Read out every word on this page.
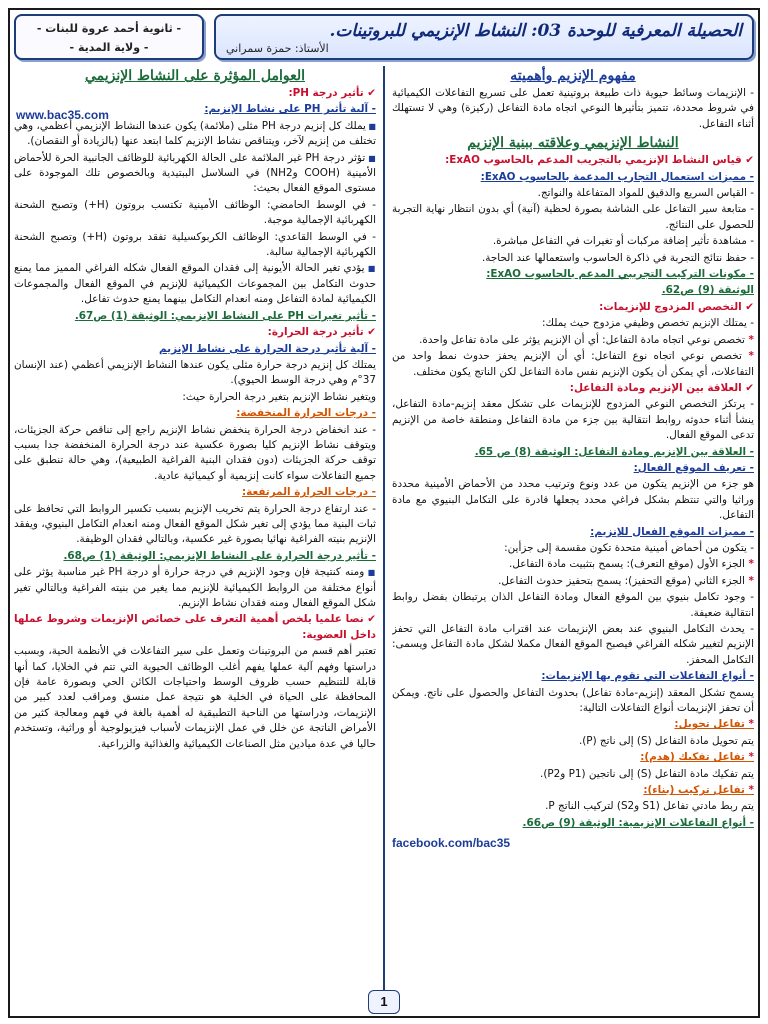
الحصيلة المعرفية للوحدة 03: النشاط الإنزيمي للبروتينات.
الأستاذ: حمزة سمراني
- ثانوية أحمد عروة للبنات -
- ولاية المدية -
مفهوم الإنزيم وأهميته
- الإنزيمات وسائط حيوية ذات طبيعة بروتينية تعمل على تسريع التفاعلات الكيميائية في شروط محددة، تتميز بتأثيرها النوعي اتجاه مادة التفاعل (ركيزة) وهي لا تستهلك أثناء التفاعل.
النشاط الإنزيمي وعلاقته ببنية الإنزيم
✔ قياس النشاط الإنزيمي بالتجريب المدعم بالحاسوب ExAO:
- مميزات استعمال التجارب المدعمة بالحاسوب ExAO:
- القياس السريع والدقيق للمواد المتفاعلة والنواتج.
- متابعة سير التفاعل على الشاشة بصورة لحظية (آنية) أي بدون انتظار نهاية التجربة للحصول على النتائج.
- مشاهدة تأثير إضافة مركبات أو تغيرات في التفاعل مباشرة.
- حفظ نتائج التجربة في ذاكرة الحاسوب واستعمالها عند الحاجة.
- مكونات التركيب التجريبي المدعم بالحاسوب ExAO:
الوثيقة (9) ص62.
✔ التخصص المزدوج للإنزيمات:
- يمتلك الإنزيم تخصص وظيفي مزدوج حيث يملك:
* تخصص نوعي اتجاه مادة التفاعل: أي أن الإنزيم يؤثر على مادة تفاعل واحدة.
* تخصص نوعي اتجاه نوع التفاعل: أي أن الإنزيم يحفز حدوث نمط واحد من التفاعلات، أي يمكن أن يكون الإنزيم نفس مادة التفاعل لكن الناتج يكون مختلف.
✔ العلاقة بين الإنزيم ومادة التفاعل:
- يرتكز التخصص النوعي المزدوج للإنزيمات على تشكل معقد إنزيم-مادة التفاعل، ينشأ أثناء حدوثه روابط انتقالية بين جزء من مادة التفاعل ومنطقة خاصة من الإنزيم تدعى الموقع الفعال.
- العلاقة بين الإنزيم ومادة التفاعل: الوثيقة (8) ص 65.
- تعريف الموقع الفعال:
هو جزء من الإنزيم يتكون من عدد ونوع وترتيب محدد من الأحماض الأمينية محددة وراثيا والتي تنتظم بشكل فراغي محدد يجعلها قادرة على التكامل البنيوي مع مادة التفاعل.
- مميزات الموقع الفعال للإنزيم:
- يتكون من أحماض أمينية متحدة تكون مقسمة إلى جزأين:
* الجزء الأول (موقع التعرف): يسمح بتثبيت مادة التفاعل.
* الجزء الثاني (موقع التحفيز): يسمح بتحفيز حدوث التفاعل.
- وجود تكامل بنيوي بين الموقع الفعال ومادة التفاعل الذان يرتبطان بفضل روابط انتقالية ضعيفة.
- يحدث التكامل البنيوي عند بعض الإنزيمات عند اقتراب مادة التفاعل التي تحفز الإنزيم لتغيير شكله الفراغي فيصبح الموقع الفعال مكملا لشكل مادة التفاعل ويسمى: التكامل المحفز.
- أنواع التفاعلات التي تقوم بها الإنزيمات:
يسمح تشكل المعقد (إنزيم-مادة تفاعل) بحدوث التفاعل والحصول على ناتج. ويمكن أن تحفز الإنزيمات أنواع التفاعلات التالية:
* تفاعل تحويل:
يتم تحويل مادة التفاعل (S) إلى ناتج (P).
* تفاعل تفكيك (هدم):
يتم تفكيك مادة التفاعل (S) إلى ناتجين (P1 وP2).
* تفاعل تركيب (بناء):
يتم ربط مادتي تفاعل (S1 وS2) لتركيب الناتج P.
- أنواع التفاعلات الإنزيمية: الوثيقة (9) ص66.
العوامل المؤثرة على النشاط الإنزيمي
✔ تأثير درجة PH:
- آلية تأثير PH على نشاط الإنزيم:
■ يملك كل إنزيم درجة PH مثلى (ملائمة) يكون عندها النشاط الإنزيمي أعظمي، وهي تختلف من إنزيم لآخر، ويتناقص نشاط الإنزيم كلما ابتعد عنها (بالزيادة أو النقصان).
■ تؤثر درجة PH غير الملائمة على الحالة الكهربائية للوظائف الجانبية الحرة للأحماض الأمينية (COOH وNH2) في السلاسل الببتيدية وبالخصوص تلك الموجودة على مستوى الموقع الفعال بحيث:
- في الوسط الحامضي: الوظائف الأمينية تكتسب بروتون (H+) وتصبح الشحنة الكهربائية الإجمالية موجبة.
- في الوسط القاعدي: الوظائف الكربوكسيلية تفقد بروتون (H+) وتصبح الشحنة الكهربائية الإجمالية سالبة.
■ يؤدي تغير الحالة الأيونية إلى فقدان الموقع الفعال شكله الفراغي المميز مما يمنع حدوث التكامل بين المجموعات الكيميائية للإنزيم في الموقع الفعال والمجموعات الكيميائية لمادة التفاعل ومنه انعدام التكامل بينهما يمنع حدوث تفاعل.
- تأثير تغيرات PH على النشاط الإنزيمي: الوثيقة (1) ص67.
✔ تأثير درجة الحرارة:
- آلية تأثير درجة الحرارة على نشاط الإنزيم
يمتلك كل إنزيم درجة حرارة مثلى يكون عندها النشاط الإنزيمي أعظمي (عند الإنسان 37°م وهي درجة الوسط الحيوي).
ويتغير نشاط الإنزيم بتغير درجة الحرارة حيث:
- درجات الحرارة المنخفضة:
- عند انخفاض درجة الحرارة ينخفض نشاط الإنزيم راجع إلى تناقص حركة الجزيئات، ويتوقف نشاط الإنزيم كليا بصورة عكسية عند درجة الحرارة المنخفضة جدا بسبب توقف حركة الجزيئات (دون فقدان البنية الفراغية الطبيعية)، وهي حالة تنطبق على جميع التفاعلات سواء كانت إنزيمية أو كيميائية عادية.
- درجات الحرارة المرتفعة:
- عند ارتفاع درجة الحرارة يتم تخريب الإنزيم بسبب تكسير الروابط التي تحافظ على ثبات البنية مما يؤدي إلى تغير شكل الموقع الفعال ومنه انعدام التكامل البنيوي، ويفقد الإنزيم بنيته الفراغية نهائيا بصورة غير عكسية، وبالتالي فقدان الوظيفة.
- تأثير درجة الحرارة على النشاط الإنزيمي: الوثيقة (1) ص68.
■ ومنه كنتيجة فإن وجود الإنزيم في درجة حرارة أو درجة PH غير مناسبة يؤثر على أنواع مختلفة من الروابط الكيميائية للإنزيم مما يغير من بنيته الفراغية وبالتالي تغير شكل الموقع الفعال ومنه فقدان نشاط الإنزيم.
✔ نصا علميا يلخص أهمية التعرف على خصائص الإنزيمات وشروط عملها داخل العضوية:
تعتبر أهم قسم من البروتينات وتعمل على سير التفاعلات في الأنظمة الحية، وبسبب دراستها وفهم آلية عملها يفهم أغلب الوظائف الحيوية التي تتم في الخلايا، كما أنها قابلة للتنظيم حسب ظروف الوسط واحتياجات الكائن الحي وبصورة عامة فإن المحافظة على الحياة في الخلية هو نتيجة عمل منسق ومراقب لعدد كبير من الإنزيمات، ودراستها من الناحية التطبيقية له أهمية بالغة في فهم ومعالجة كثير من الأمراض الناتجة عن خلل في عمل الإنزيمات لأسباب فيزيولوجية أو وراثية، وتستخدم حاليا في عدة ميادين مثل الصناعات الكيميائية والغذائية والزراعية.
www.bac35.com
facebook.com/bac35
1
